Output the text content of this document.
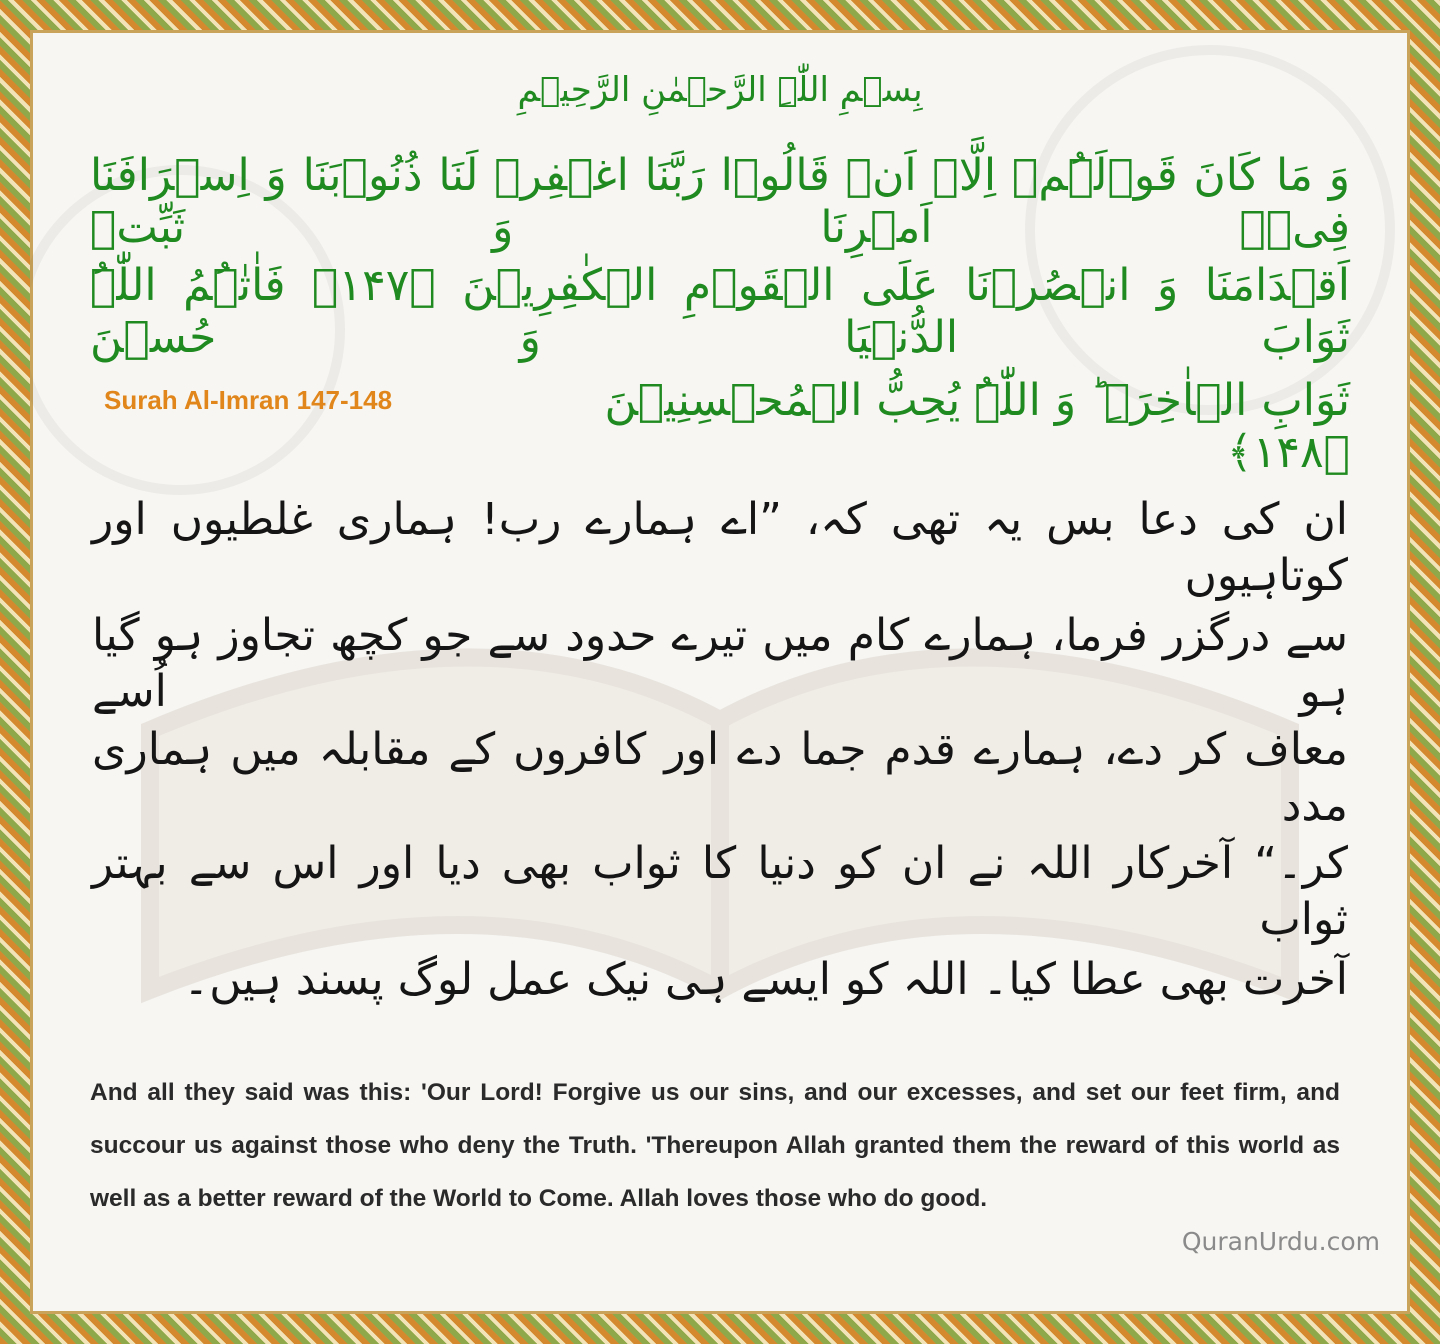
بِسۡمِ اللّٰہِ الرَّحۡمٰنِ الرَّحِیۡمِ

وَ مَا کَانَ قَوۡلَہُمۡ اِلَّاۤ اَنۡ قَالُوۡا رَبَّنَا اغۡفِرۡ لَنَا ذُنُوۡبَنَا وَ اِسۡرَافَنَا فِیۡۤ اَمۡرِنَا وَ ثَبِّتۡ

اَقۡدَامَنَا وَ انۡصُرۡنَا عَلَی الۡقَوۡمِ الۡکٰفِرِیۡنَ ﴿۱۴۷﴾ فَاٰتٰہُمُ اللّٰہُ ثَوَابَ الدُّنۡیَا وَ حُسۡنَ

ثَوَابِ الۡاٰخِرَۃِ ؕ وَ اللّٰہُ یُحِبُّ الۡمُحۡسِنِیۡنَ ﴿۱۴۸﴾

Surah Al-Imran 147-148

ان کی دعا بس یہ تھی کہ، ”اے ہمارے رب! ہماری غلطیوں اور کوتاہیوں

سے درگزر فرما، ہمارے کام میں تیرے حدود سے جو کچھ تجاوز ہو گیا ہو اُسے

معاف کر دے، ہمارے قدم جما دے اور کافروں کے مقابلہ میں ہماری مدد

کر۔“ آخرکار اللہ نے ان کو دنیا کا ثواب بھی دیا اور اس سے بہتر ثواب

آخرت بھی عطا کیا۔ اللہ کو ایسے ہی نیک عمل لوگ پسند ہیں۔

And all they said was this: 'Our Lord! Forgive us our sins, and our excesses, and set our feet firm, and succour us against those who deny the Truth. 'Thereupon Allah granted them the reward of this world as well as a better reward of the World to Come. Allah loves those who do good.

QuranUrdu.com
